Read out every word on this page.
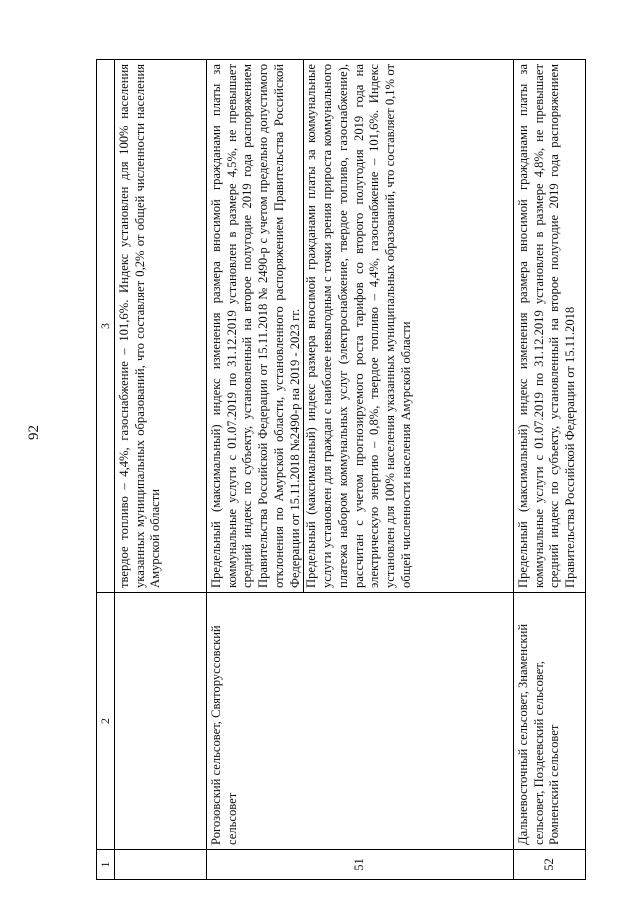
92
1	2	3
		твердое топливо – 4,4%, газоснабжение – 101,6%. Индекс установлен для 100% населения указанных муниципальных образований, что составляет 0,2% от общей численности населения Амурской области
51	Рогозовский сельсовет, Святорусcовский сельсовет	Предельный (максимальный) индекс изменения размера вносимой гражданами платы за коммунальные услуги с 01.07.2019 по 31.12.2019 установлен в размере 4,5%, не превышает средний индекс по субъекту, установленный на второе полугодие 2019 года распоряжением Правительства Российской Федерации от 15.11.2018 № 2490-р с учетом предельно допустимого отклонения по Амурской области, установленного распоряжением Правительства Российской Федерации от 15.11.2018 №2490-р на 2019 - 2023 гг. Предельный (максимальный) индекс размера вносимой гражданами платы за коммунальные услуги установлен для граждан с наиболее невыгодным с точки зрения прироста коммунального платежа набором коммунальных услуг (электроснабжение, твердое топливо, газоснабжение), рассчитан с учетом прогнозируемого роста тарифов со второго полугодия 2019 года на электрическую энергию – 0,8%, твердое топливо – 4,4%, газоснабжение – 101,6%. Индекс установлен для 100% населения указанных муниципальных образований, что составляет 0,1% от общей численности населения Амурской области

52	Дальневосточный сельсовет, Знаменский сельсовет, Поздеевский сельсовет, Ромненский сельсовет	Предельный (максимальный) индекс изменения размера вносимой гражданами платы за коммунальные услуги с 01.07.2019 по 31.12.2019 установлен в размере 4,8%, не превышает средний индекс по субъекту, установленный на второе полугодие 2019 года распоряжением Правительства Российской Федерации от 15.11.2018
